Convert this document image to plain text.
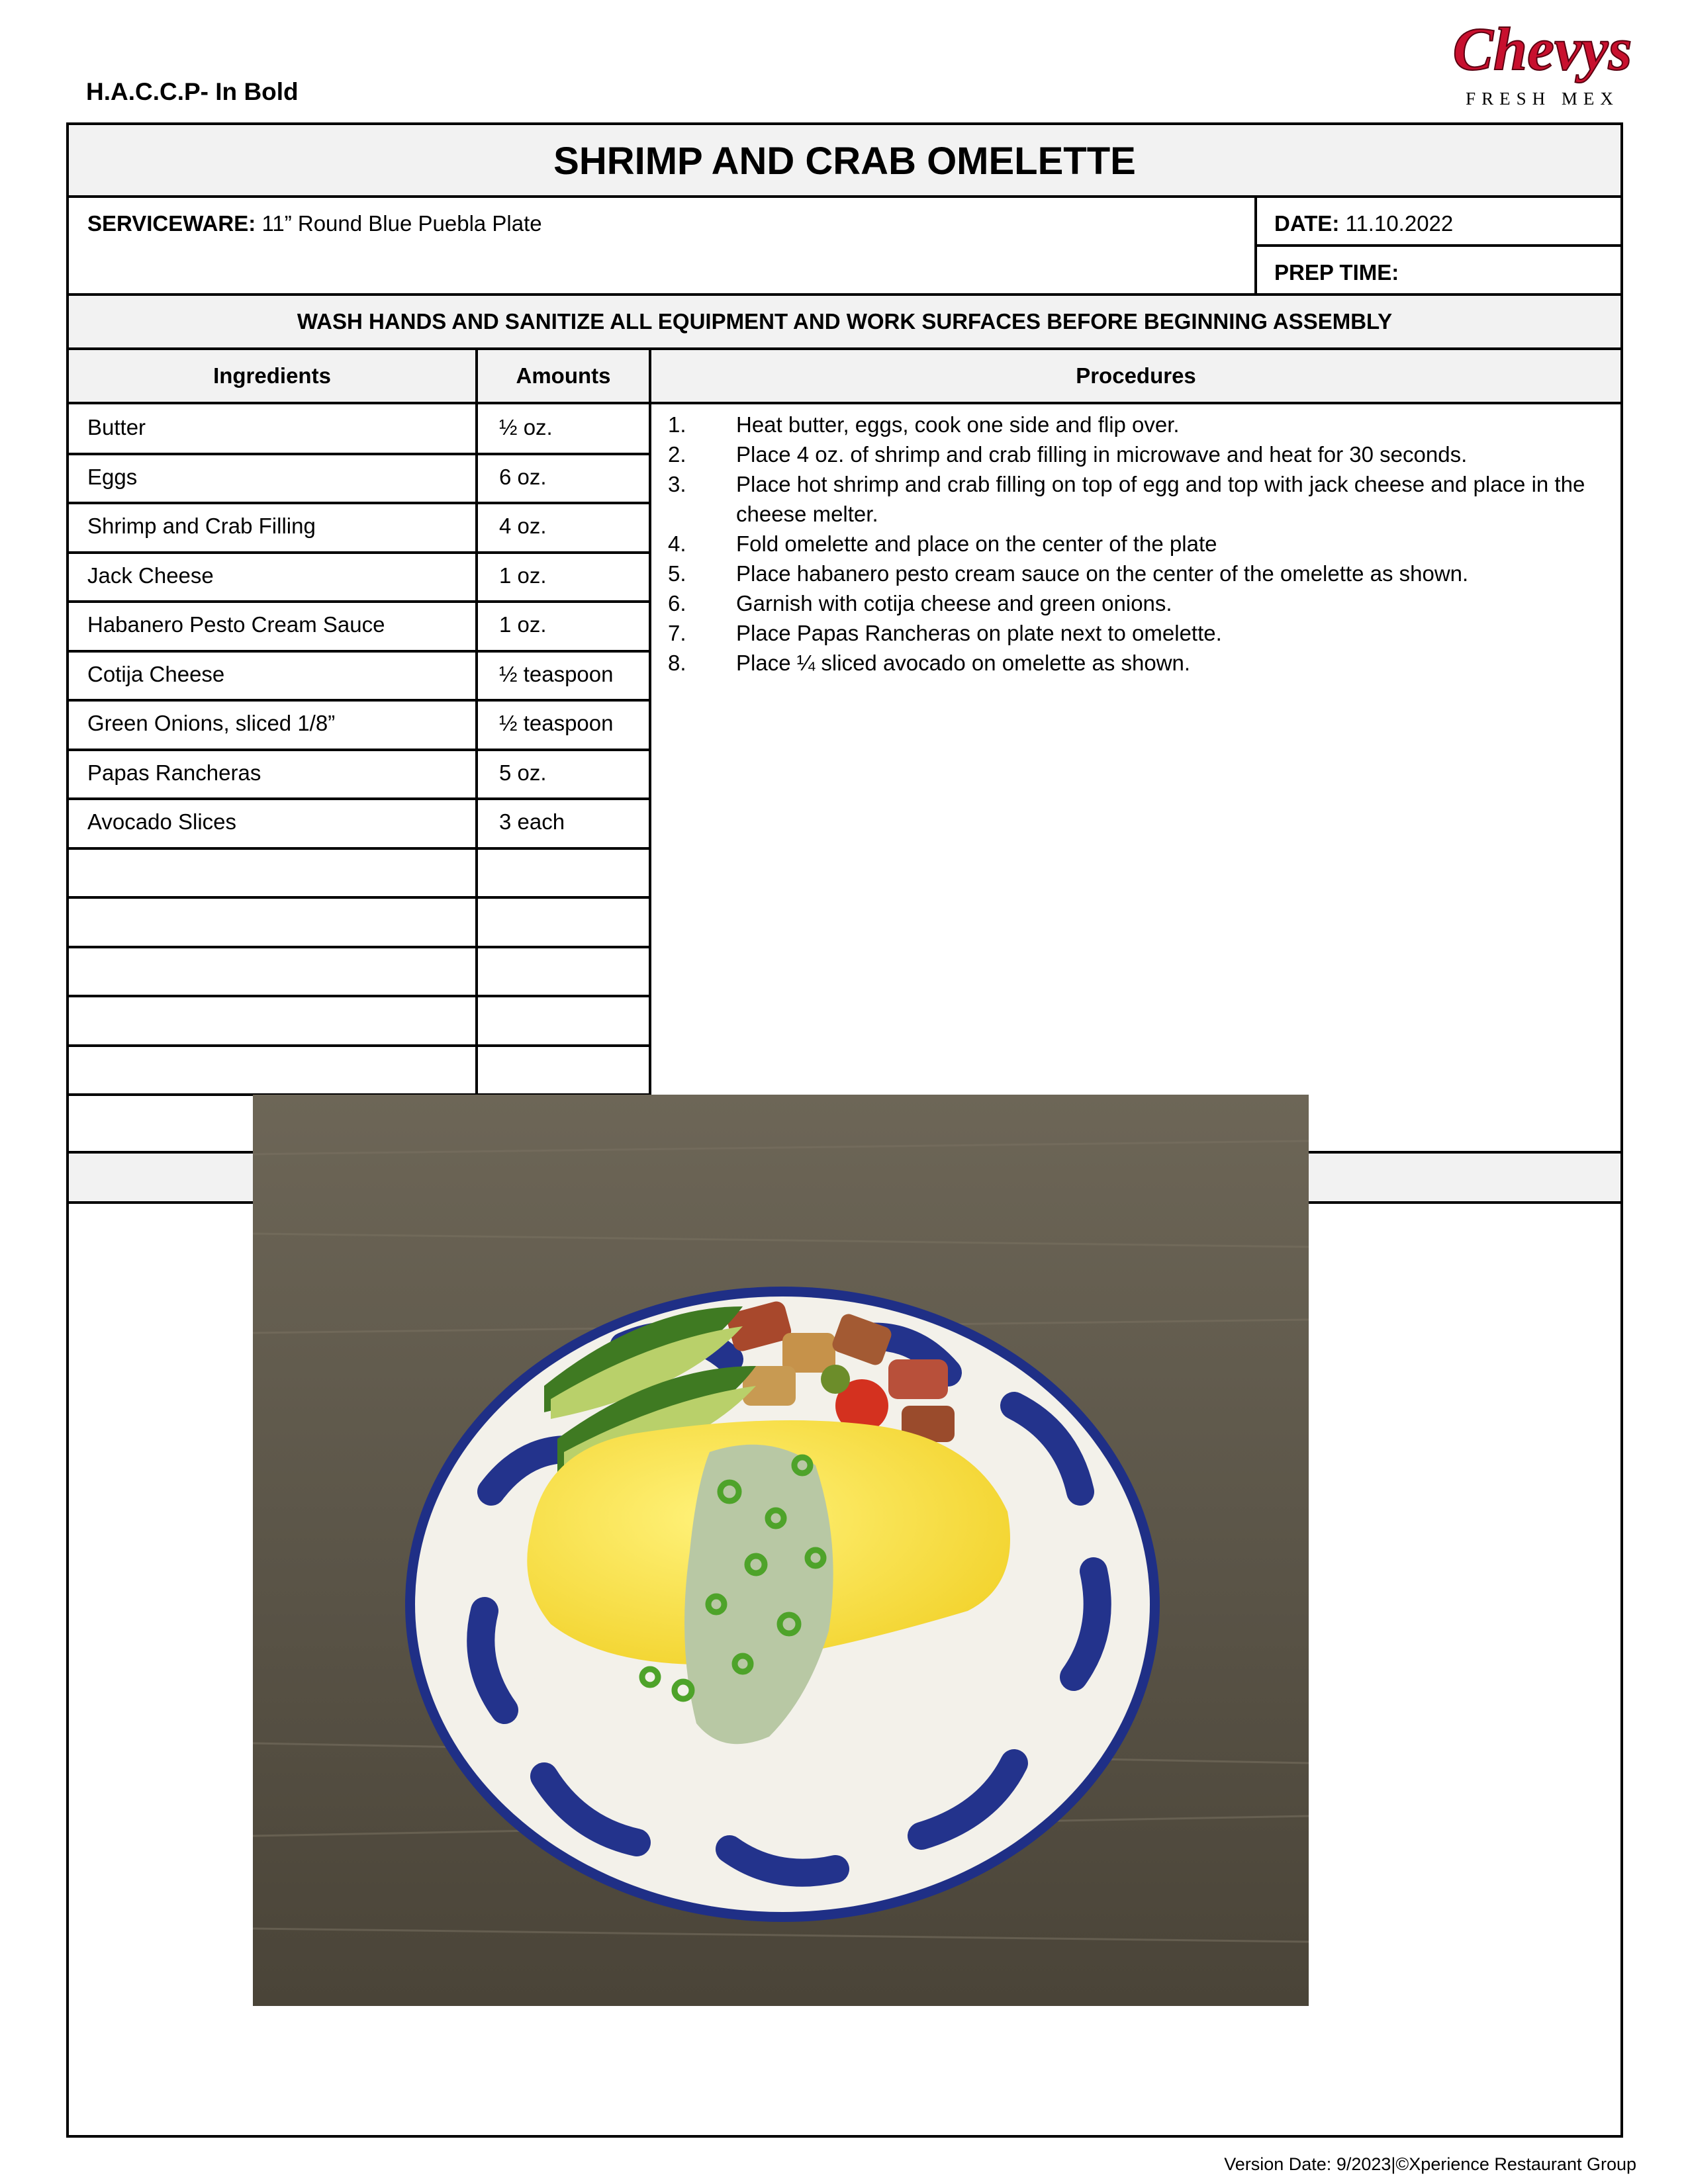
H.A.C.C.P- In Bold
Chevys
FRESH MEX
SHRIMP AND CRAB OMELETTE
SERVICEWARE: 11” Round Blue Puebla Plate	DATE: 11.10.2022
PREP TIME:
WASH HANDS AND SANITIZE ALL EQUIPMENT AND WORK SURFACES BEFORE BEGINNING ASSEMBLY
Ingredients	Amounts	Procedures
Butter	½ oz.
Eggs	6 oz.
Shrimp and Crab Filling	4 oz.
Jack Cheese	1 oz.
Habanero Pesto Cream Sauce	1 oz.
Cotija Cheese	½ teaspoon
Green Onions, sliced 1/8”	½ teaspoon
Papas Rancheras	5 oz.
Avocado Slices	3 each
1. Heat butter, eggs, cook one side and flip over.
2. Place 4 oz. of shrimp and crab filling in microwave and heat for 30 seconds.
3. Place hot shrimp and crab filling on top of egg and top with jack cheese and place in the cheese melter.
4. Fold omelette and place on the center of the plate
5. Place habanero pesto cream sauce on the center of the omelette as shown.
6. Garnish with cotija cheese and green onions.
7. Place Papas Rancheras on plate next to omelette.
8. Place ¼ sliced avocado on omelette as shown.
Version Date: 9/2023|©Xperience Restaurant Group
